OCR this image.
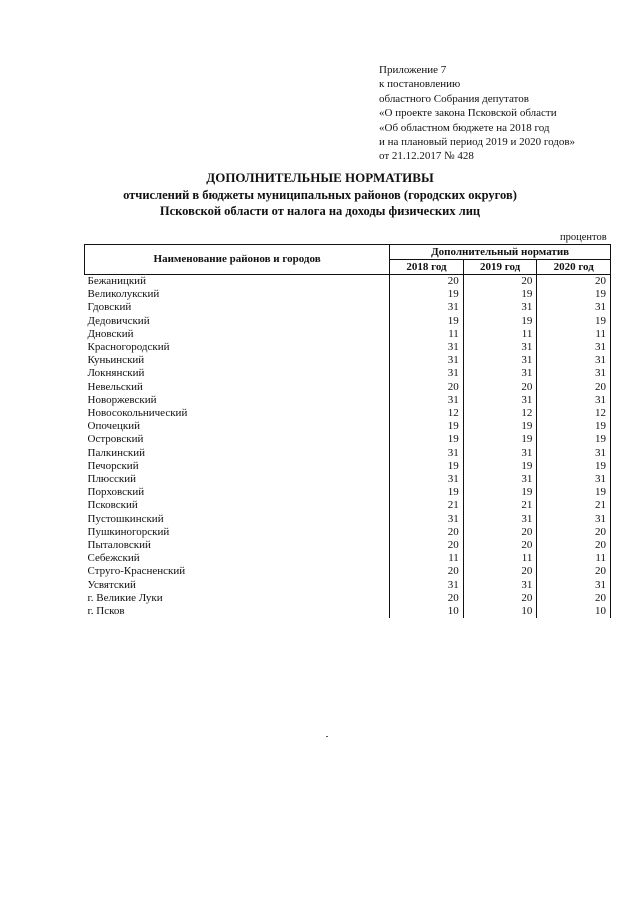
Приложение 7
к постановлению
областного Собрания депутатов
«О проекте закона Псковской области
«Об областном бюджете на 2018 год
и на плановый период 2019 и 2020 годов»
от 21.12.2017 № 428
ДОПОЛНИТЕЛЬНЫЕ НОРМАТИВЫ
отчислений в бюджеты муниципальных районов (городских округов)
Псковской области от налога на доходы физических лиц
процентов
Наименование районов и городов	Дополнительный норматив		
	2018 год	2019 год	2020 год
Бежаницкий	20	20	20
Великолукский	19	19	19
Гдовский	31	31	31
Дедовичский	19	19	19
Дновский	11	11	11
Красногородский	31	31	31
Куньинский	31	31	31
Локнянский	31	31	31
Невельский	20	20	20
Новоржевский	31	31	31
Новосокольнический	12	12	12
Опочецкий	19	19	19
Островский	19	19	19
Палкинский	31	31	31
Печорский	19	19	19
Плюсский	31	31	31
Порховский	19	19	19
Псковский	21	21	21
Пустошкинский	31	31	31
Пушкиногорский	20	20	20
Пыталовский	20	20	20
Себежский	11	11	11
Струго-Красненский	20	20	20
Усвятский	31	31	31
г. Великие Луки	20	20	20
г. Псков	10	10	10
